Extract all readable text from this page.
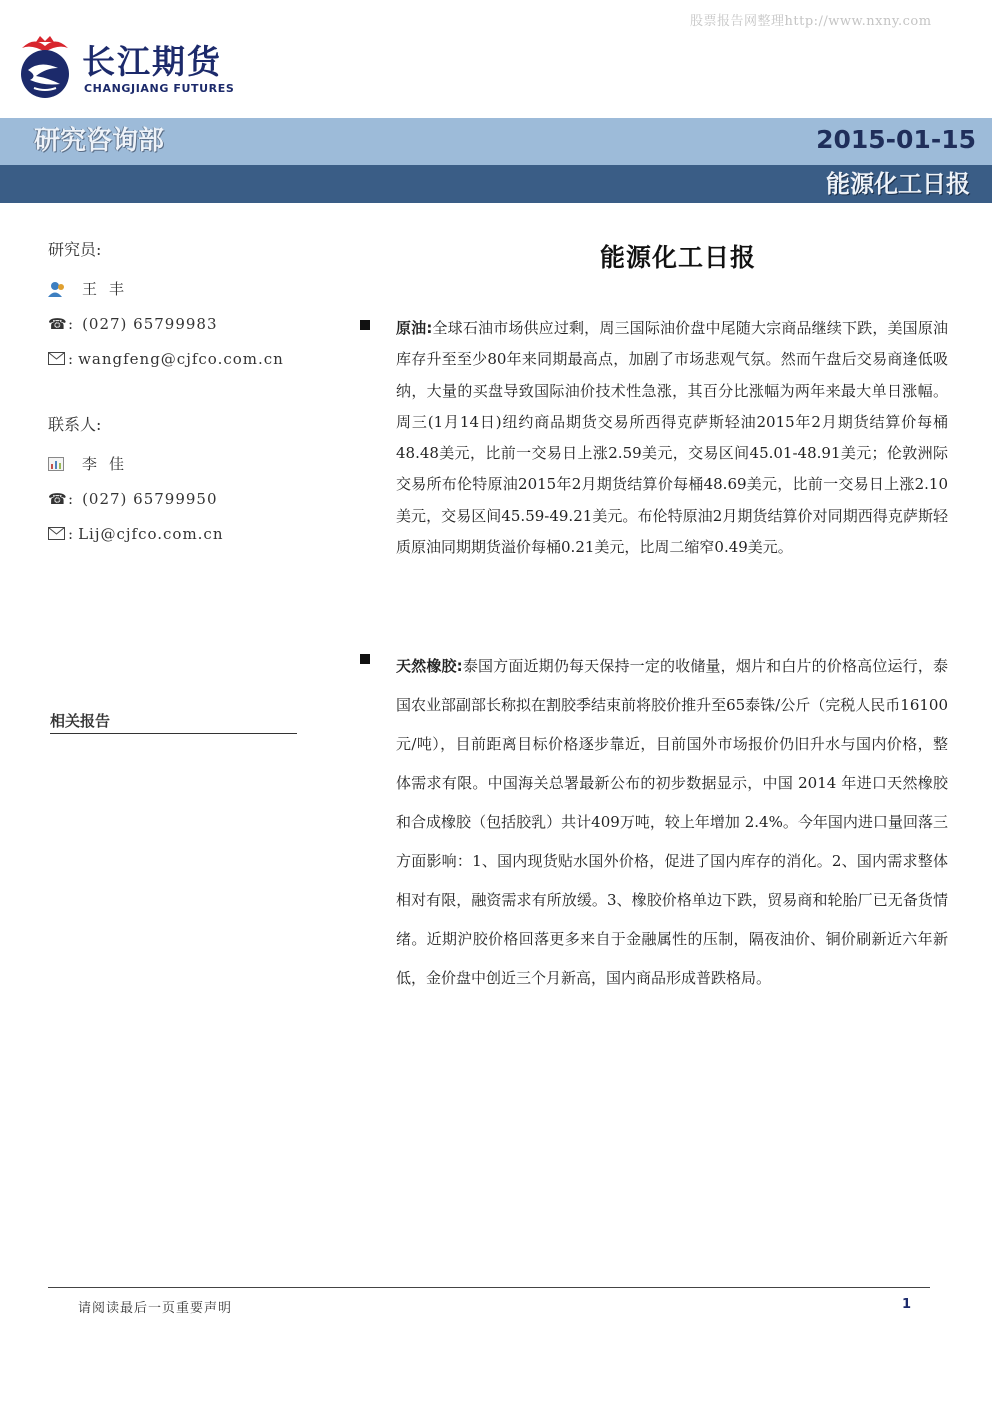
股票报告网整理http://www.nxny.com
长江期货
CHANGJIANG FUTURES
研究咨询部	2015-01-15
能源化工日报
研究员:
王丰
☎ : (027) 65799983
: wangfeng@cjfco.com.cn
联系人:
李佳
☎ : (027) 65799950
: Lij@cjfco.com.cn
相关报告
能源化工日报
原油:全球石油市场供应过剩，周三国际油价盘中尾随大宗商品继续下跌，美国原油库存升至至少80年来同期最高点，加剧了市场悲观气氛。然而午盘后交易商逢低吸纳，大量的买盘导致国际油价技术性急涨，其百分比涨幅为两年来最大单日涨幅。周三(1月14日)纽约商品期货交易所西得克萨斯轻油2015年2月期货结算价每桶48.48美元，比前一交易日上涨2.59美元，交易区间45.01-48.91美元；伦敦洲际交易所布伦特原油2015年2月期货结算价每桶48.69美元，比前一交易日上涨2.10美元，交易区间45.59-49.21美元。布伦特原油2月期货结算价对同期西得克萨斯轻质原油同期期货溢价每桶0.21美元，比周二缩窄0.49美元。
天然橡胶:泰国方面近期仍每天保持一定的收储量，烟片和白片的价格高位运行，泰国农业部副部长称拟在割胶季结束前将胶价推升至65泰铢/公斤（完税人民币16100元/吨），目前距离目标价格逐步靠近，目前国外市场报价仍旧升水与国内价格，整体需求有限。中国海关总署最新公布的初步数据显示，中国 2014 年进口天然橡胶和合成橡胶（包括胶乳）共计409万吨，较上年增加 2.4%。今年国内进口量回落三方面影响：1、国内现货贴水国外价格，促进了国内库存的消化。2、国内需求整体相对有限，融资需求有所放缓。3、橡胶价格单边下跌，贸易商和轮胎厂已无备货情绪。近期沪胶价格回落更多来自于金融属性的压制，隔夜油价、铜价刷新近六年新低，金价盘中创近三个月新高，国内商品形成普跌格局。
请阅读最后一页重要声明	1
